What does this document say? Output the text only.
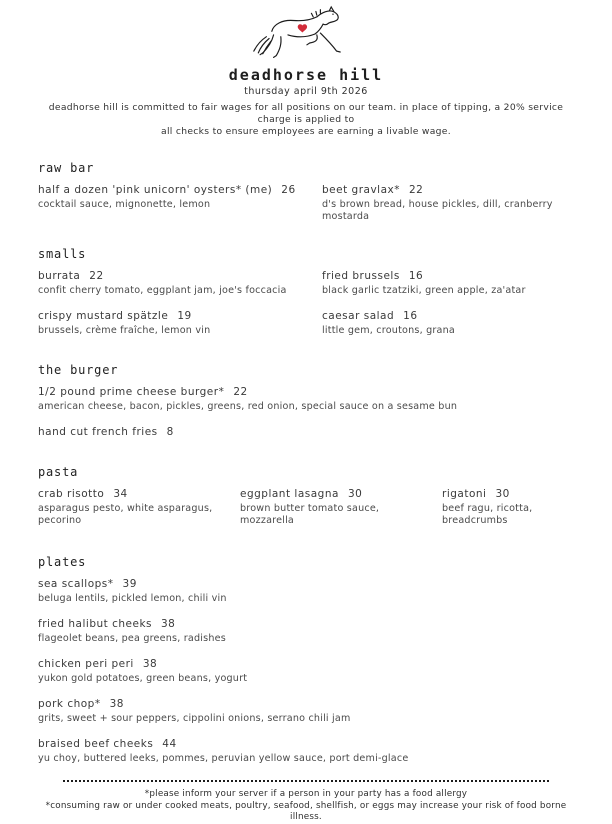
deadhorse hill
thursday april 9th 2026
deadhorse hill is committed to fair wages for all positions on our team. in place of tipping, a 20% service charge is applied to
all checks to ensure employees are earning a livable wage.
raw bar
half a dozen 'pink unicorn' oysters* (me) 26
cocktail sauce, mignonette, lemon
beet gravlax* 22
d's brown bread, house pickles, dill, cranberry mostarda
smalls
burrata 22
confit cherry tomato, eggplant jam, joe's foccacia
fried brussels 16
black garlic tzatziki, green apple, za'atar
crispy mustard spätzle 19
brussels, crème fraîche, lemon vin
caesar salad 16
little gem, croutons, grana
the burger
1/2 pound prime cheese burger* 22
american cheese, bacon, pickles, greens, red onion, special sauce on a sesame bun
hand cut french fries 8
pasta
crab risotto 34
asparagus pesto, white asparagus, pecorino
eggplant lasagna 30
brown butter tomato sauce, mozzarella
rigatoni 30
beef ragu, ricotta, breadcrumbs
plates
sea scallops* 39
beluga lentils, pickled lemon, chili vin
fried halibut cheeks 38
flageolet beans, pea greens, radishes
chicken peri peri 38
yukon gold potatoes, green beans, yogurt
pork chop* 38
grits, sweet + sour peppers, cippolini onions, serrano chili jam
braised beef cheeks 44
yu choy, buttered leeks, pommes, peruvian yellow sauce, port demi-glace
*please inform your server if a person in your party has a food allergy
*consuming raw or under cooked meats, poultry, seafood, shellfish, or eggs may increase your risk of food borne illness.
